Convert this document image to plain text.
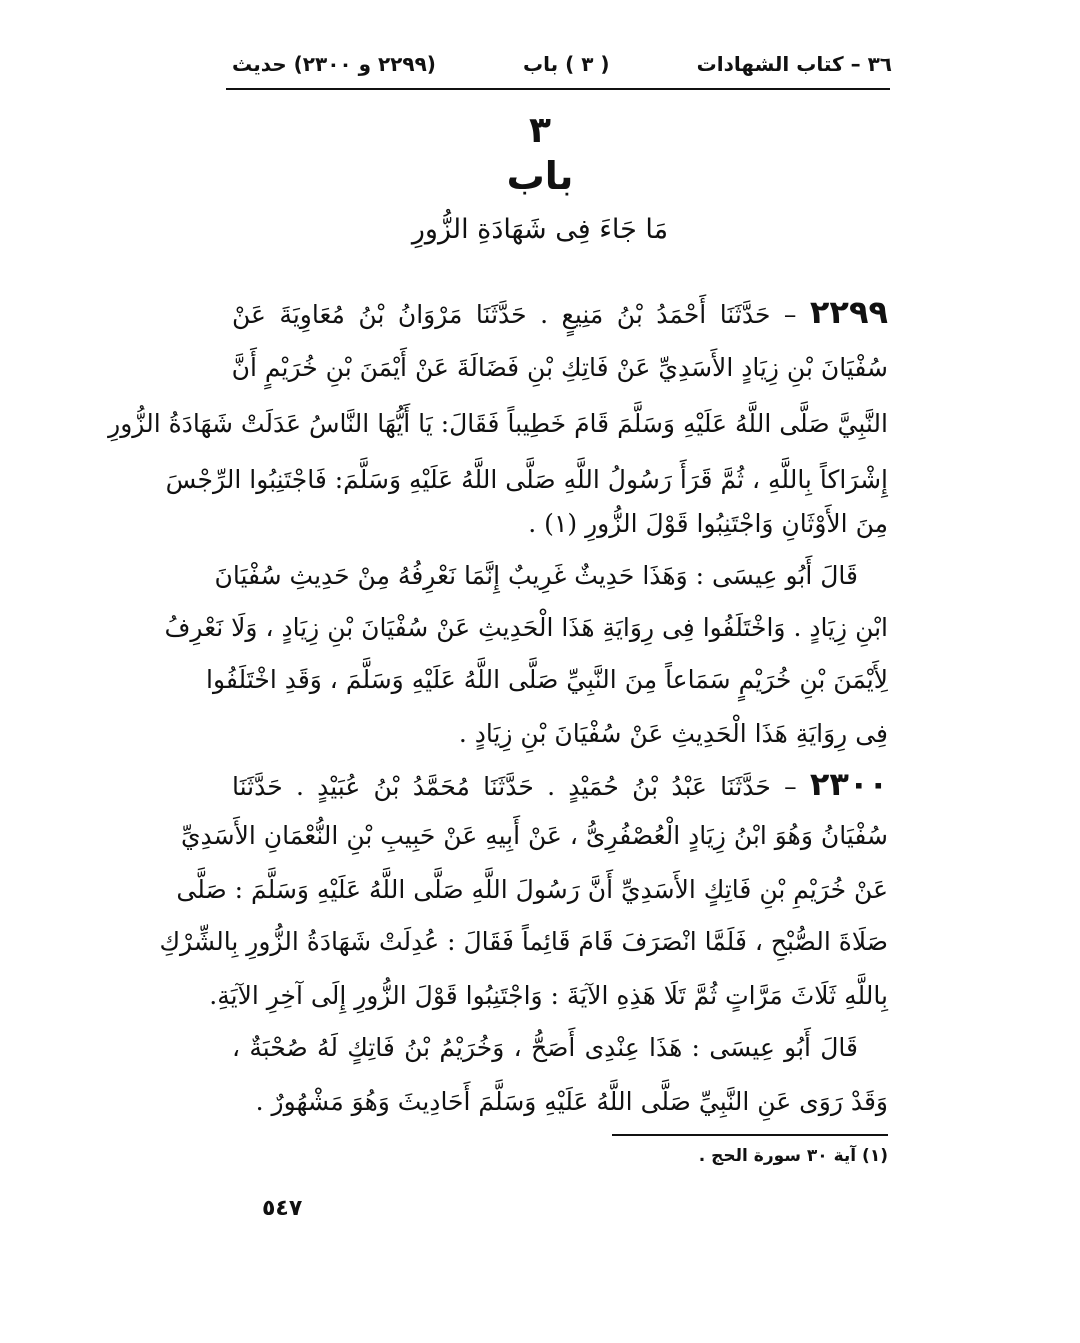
٣٦ – كتاب الشهادات
( ٣ ) باب
(٢٢٩٩ و ٢٣٠٠) حديث
٣
باب
مَا جَاءَ فِى شَهَادَةِ الزُّورِ
٢٢٩٩ – حَدَّثَنَا أَحْمَدُ بْنُ مَنِيعٍ . حَدَّثَنَا مَرْوَانُ بْنُ مُعَاوِيَةَ عَنْ
سُفْيَانَ بْنِ زِيَادٍ الأَسَدِيِّ عَنْ فَاتِكِ بْنِ فَضَالَةَ عَنْ أَيْمَنَ بْنِ خُرَيْمٍ أَنَّ
النَّبِيَّ صَلَّى اللَّهُ عَلَيْهِ وَسَلَّمَ قَامَ خَطِيباً فَقَالَ: يَا أَيُّهَا النَّاسُ عَدَلَتْ شَهَادَةُ الزُّورِ
إِشْرَاكاً بِاللَّهِ ، ثُمَّ قَرَأَ رَسُولُ اللَّهِ صَلَّى اللَّهُ عَلَيْهِ وَسَلَّمَ: فَاجْتَنِبُوا الرِّجْسَ
مِنَ الأَوْثَانِ وَاجْتَنِبُوا قَوْلَ الزُّورِ (١) .
قَالَ أَبُو عِيسَى : وَهَذَا حَدِيثٌ غَرِيبٌ إِنَّمَا نَعْرِفُهُ مِنْ حَدِيثِ سُفْيَانَ
ابْنِ زِيَادٍ . وَاخْتَلَفُوا فِى رِوَايَةِ هَذَا الْحَدِيثِ عَنْ سُفْيَانَ بْنِ زِيَادٍ ، وَلَا نَعْرِفُ
لِأَيْمَنَ بْنِ خُرَيْمٍ سَمَاعاً مِنَ النَّبِيِّ صَلَّى اللَّهُ عَلَيْهِ وَسَلَّمَ ، وَقَدِ اخْتَلَفُوا
فِى رِوَايَةِ هَذَا الْحَدِيثِ عَنْ سُفْيَانَ بْنِ زِيَادٍ .
٢٣٠٠ – حَدَّثَنَا عَبْدُ بْنُ حُمَيْدٍ . حَدَّثَنَا مُحَمَّدُ بْنُ عُبَيْدٍ . حَدَّثَنَا
سُفْيَانُ وَهُوَ ابْنُ زِيَادٍ الْعُصْفُرِىُّ ، عَنْ أَبِيهِ عَنْ حَبِيبِ بْنِ النُّعْمَانِ الأَسَدِيِّ
عَنْ خُرَيْمِ بْنِ فَاتِكٍ الأَسَدِيِّ أَنَّ رَسُولَ اللَّهِ صَلَّى اللَّهُ عَلَيْهِ وَسَلَّمَ : صَلَّى
صَلَاةَ الصُّبْحِ ، فَلَمَّا انْصَرَفَ قَامَ قَائِماً فَقَالَ : عُدِلَتْ شَهَادَةُ الزُّورِ بِالشِّرْكِ
بِاللَّهِ ثَلَاثَ مَرَّاتٍ ثُمَّ تَلَا هَذِهِ الآيَةَ : وَاجْتَنِبُوا قَوْلَ الزُّورِ إِلَى آخِرِ الآيَةِ.
قَالَ أَبُو عِيسَى : هَذَا عِنْدِى أَصَحُّ ، وَخُرَيْمُ بْنُ فَاتِكٍ لَهُ صُحْبَةٌ ،
وَقَدْ رَوَى عَنِ النَّبِيِّ صَلَّى اللَّهُ عَلَيْهِ وَسَلَّمَ أَحَادِيثَ وَهُوَ مَشْهُورٌ .
(١) آية ٣٠ سورة الحج .
٥٤٧
